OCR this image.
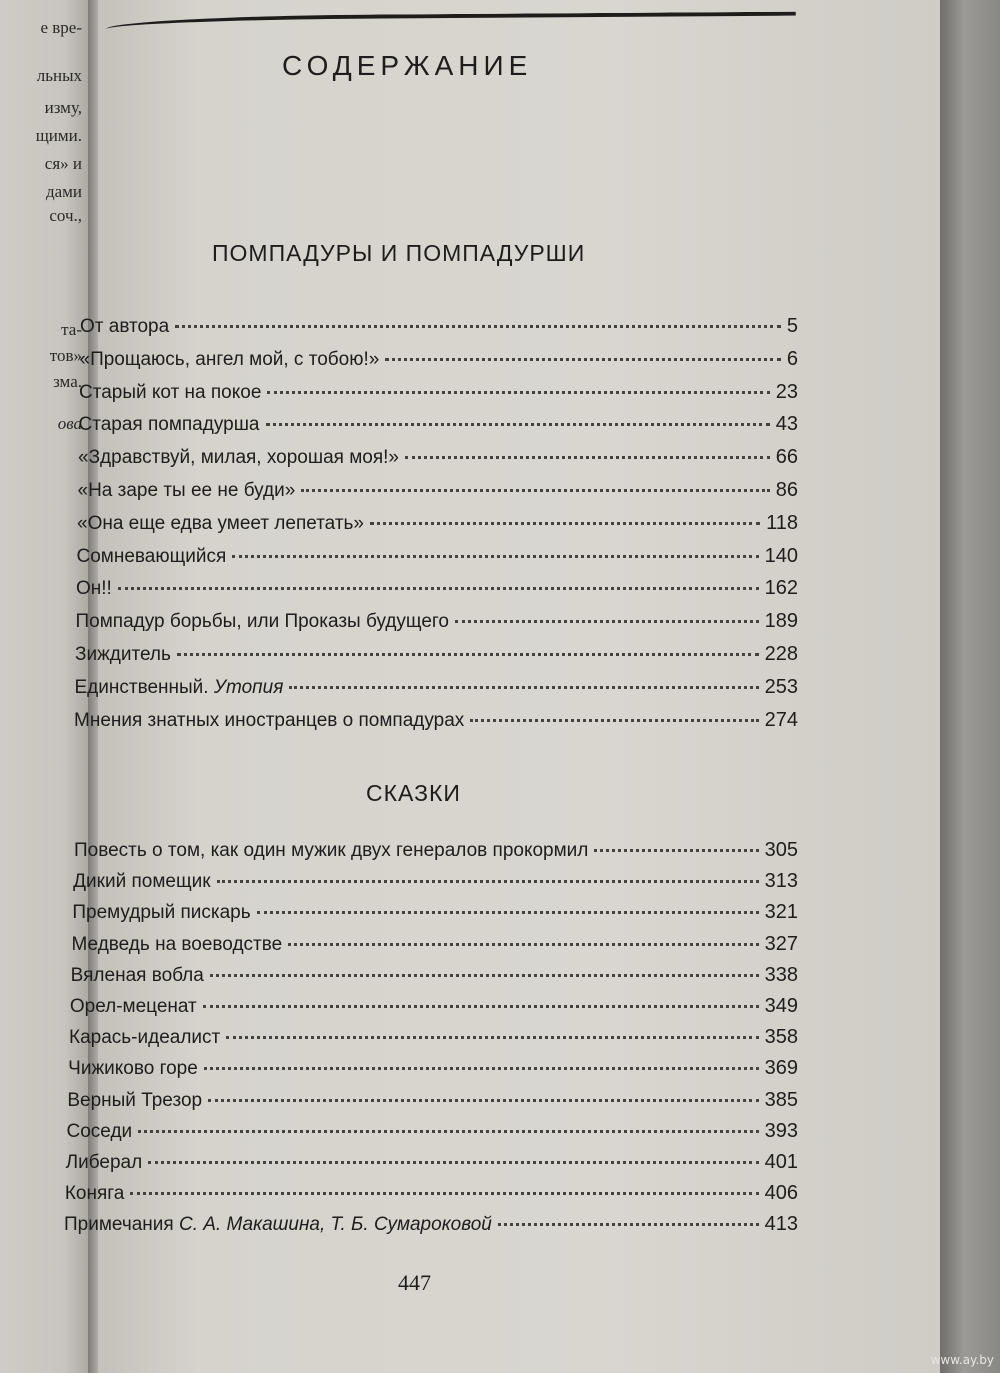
е вре-
льных
изму,
щими.
ся» и
дами
соч.,
та-
тов»
зма.
ова
СОДЕРЖАНИЕ
ПОМПАДУРЫ И ПОМПАДУРШИ
СКАЗКИ
От автора	5
«Прощаюсь, ангел мой, с тобою!»	6
Старый кот на покое	23
Старая помпадурша	43
«Здравствуй, милая, хорошая моя!»	66
«На заре ты ее не буди»	86
«Она еще едва умеет лепетать»	118
Сомневающийся	140
Он!!	162
Помпадур борьбы, или Проказы будущего	189
Зиждитель	228
Единственный. Утопия	253
Мнения знатных иностранцев о помпадурах	274
Повесть о том, как один мужик двух генералов прокормил	305
Дикий помещик	313
Премудрый пискарь	321
Медведь на воеводстве	327
Вяленая вобла	338
Орел-меценат	349
Карась-идеалист	358
Чижиково горе	369
Верный Трезор	385
Соседи	393
Либерал	401
Коняга	406
Примечания С. А. Макашина, Т. Б. Сумароковой	413
447
www.ay.by
